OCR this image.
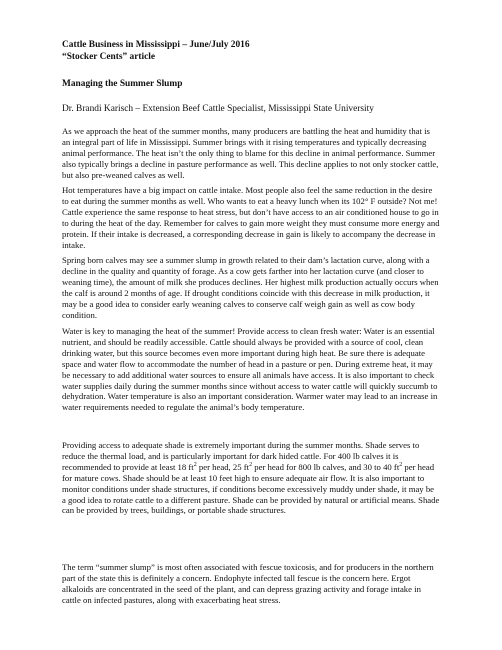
Cattle Business in Mississippi – June/July 2016
“Stocker Cents” article
Managing the Summer Slump
Dr. Brandi Karisch – Extension Beef Cattle Specialist, Mississippi State University

As we approach the heat of the summer months, many producers are battling the heat and humidity that is an integral part of life in Mississippi. Summer brings with it rising temperatures and typically decreasing animal performance. The heat isn’t the only thing to blame for this decline in animal performance. Summer also typically brings a decline in pasture performance as well. This decline applies to not only stocker cattle, but also pre-weaned calves as well.

Hot temperatures have a big impact on cattle intake. Most people also feel the same reduction in the desire to eat during the summer months as well. Who wants to eat a heavy lunch when its 102° F outside? Not me! Cattle experience the same response to heat stress, but don’t have access to an air conditioned house to go in to during the heat of the day. Remember for calves to gain more weight they must consume more energy and protein. If their intake is decreased, a corresponding decrease in gain is likely to accompany the decrease in intake.

Spring born calves may see a summer slump in growth related to their dam’s lactation curve, along with a decline in the quality and quantity of forage. As a cow gets farther into her lactation curve (and closer to weaning time), the amount of milk she produces declines. Her highest milk production actually occurs when the calf is around 2 months of age. If drought conditions coincide with this decrease in milk production, it may be a good idea to consider early weaning calves to conserve calf weigh gain as well as cow body condition.

Water is key to managing the heat of the summer! Provide access to clean fresh water: Water is an essential nutrient, and should be readily accessible. Cattle should always be provided with a source of cool, clean drinking water, but this source becomes even more important during high heat. Be sure there is adequate space and water flow to accommodate the number of head in a pasture or pen. During extreme heat, it may be necessary to add additional water sources to ensure all animals have access. It is also important to check water supplies daily during the summer months since without access to water cattle will quickly succumb to dehydration. Water temperature is also an important consideration. Warmer water may lead to an increase in water requirements needed to regulate the animal’s body temperature.

Providing access to adequate shade is extremely important during the summer months. Shade serves to reduce the thermal load, and is particularly important for dark hided cattle. For 400 lb calves it is recommended to provide at least 18 $ft^2$ per head, 25 $ft^2$ per head for 800 lb calves, and 30 to 40 $ft^2$ per head for mature cows. Shade should be at least 10 feet high to ensure adequate air flow. It is also important to monitor conditions under shade structures, if conditions become excessively muddy under shade, it may be a good idea to rotate cattle to a different pasture. Shade can be provided by natural or artificial means. Shade can be provided by trees, buildings, or portable shade structures.

The term “summer slump” is most often associated with fescue toxicosis, and for producers in the northern part of the state this is definitely a concern. Endophyte infected tall fescue is the concern here. Ergot alkaloids are concentrated in the seed of the plant, and can depress grazing activity and forage intake in cattle on infected pastures, along with exacerbating heat stress.
